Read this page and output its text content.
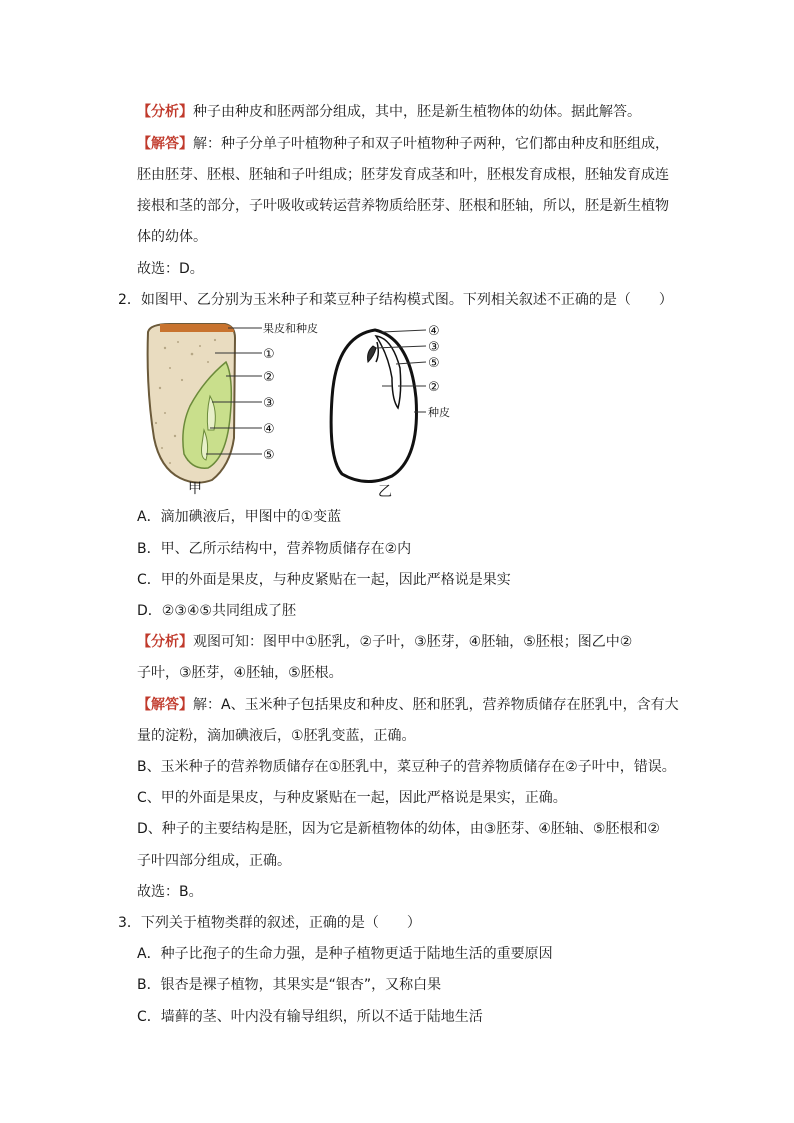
【分析】种子由种皮和胚两部分组成，其中，胚是新生植物体的幼体。据此解答。
【解答】解：种子分单子叶植物种子和双子叶植物种子两种，它们都由种皮和胚组成，
胚由胚芽、胚根、胚轴和子叶组成；胚芽发育成茎和叶，胚根发育成根，胚轴发育成连
接根和茎的部分，子叶吸收或转运营养物质给胚芽、胚根和胚轴，所以，胚是新生植物
体的幼体。
故选：D。
2．如图甲、乙分别为玉米种子和菜豆种子结构模式图。下列相关叙述不正确的是（　　）
果皮和种皮
①
②
③
④
⑤
甲
④
③
⑤
②
种皮
乙
A．滴加碘液后，甲图中的①变蓝
B．甲、乙所示结构中，营养物质储存在②内
C．甲的外面是果皮，与种皮紧贴在一起，因此严格说是果实
D．②③④⑤共同组成了胚
【分析】观图可知：图甲中①胚乳，②子叶，③胚芽，④胚轴，⑤胚根；图乙中②
子叶，③胚芽，④胚轴，⑤胚根。
【解答】解：A、玉米种子包括果皮和种皮、胚和胚乳，营养物质储存在胚乳中，含有大
量的淀粉，滴加碘液后，①胚乳变蓝，正确。
B、玉米种子的营养物质储存在①胚乳中，菜豆种子的营养物质储存在②子叶中，错误。
C、甲的外面是果皮，与种皮紧贴在一起，因此严格说是果实，正确。
D、种子的主要结构是胚，因为它是新植物体的幼体，由③胚芽、④胚轴、⑤胚根和②
子叶四部分组成，正确。
故选：B。
3．下列关于植物类群的叙述，正确的是（　　）
A．种子比孢子的生命力强，是种子植物更适于陆地生活的重要原因
B．银杏是裸子植物，其果实是“银杏”，又称白果
C．墙藓的茎、叶内没有输导组织，所以不适于陆地生活
